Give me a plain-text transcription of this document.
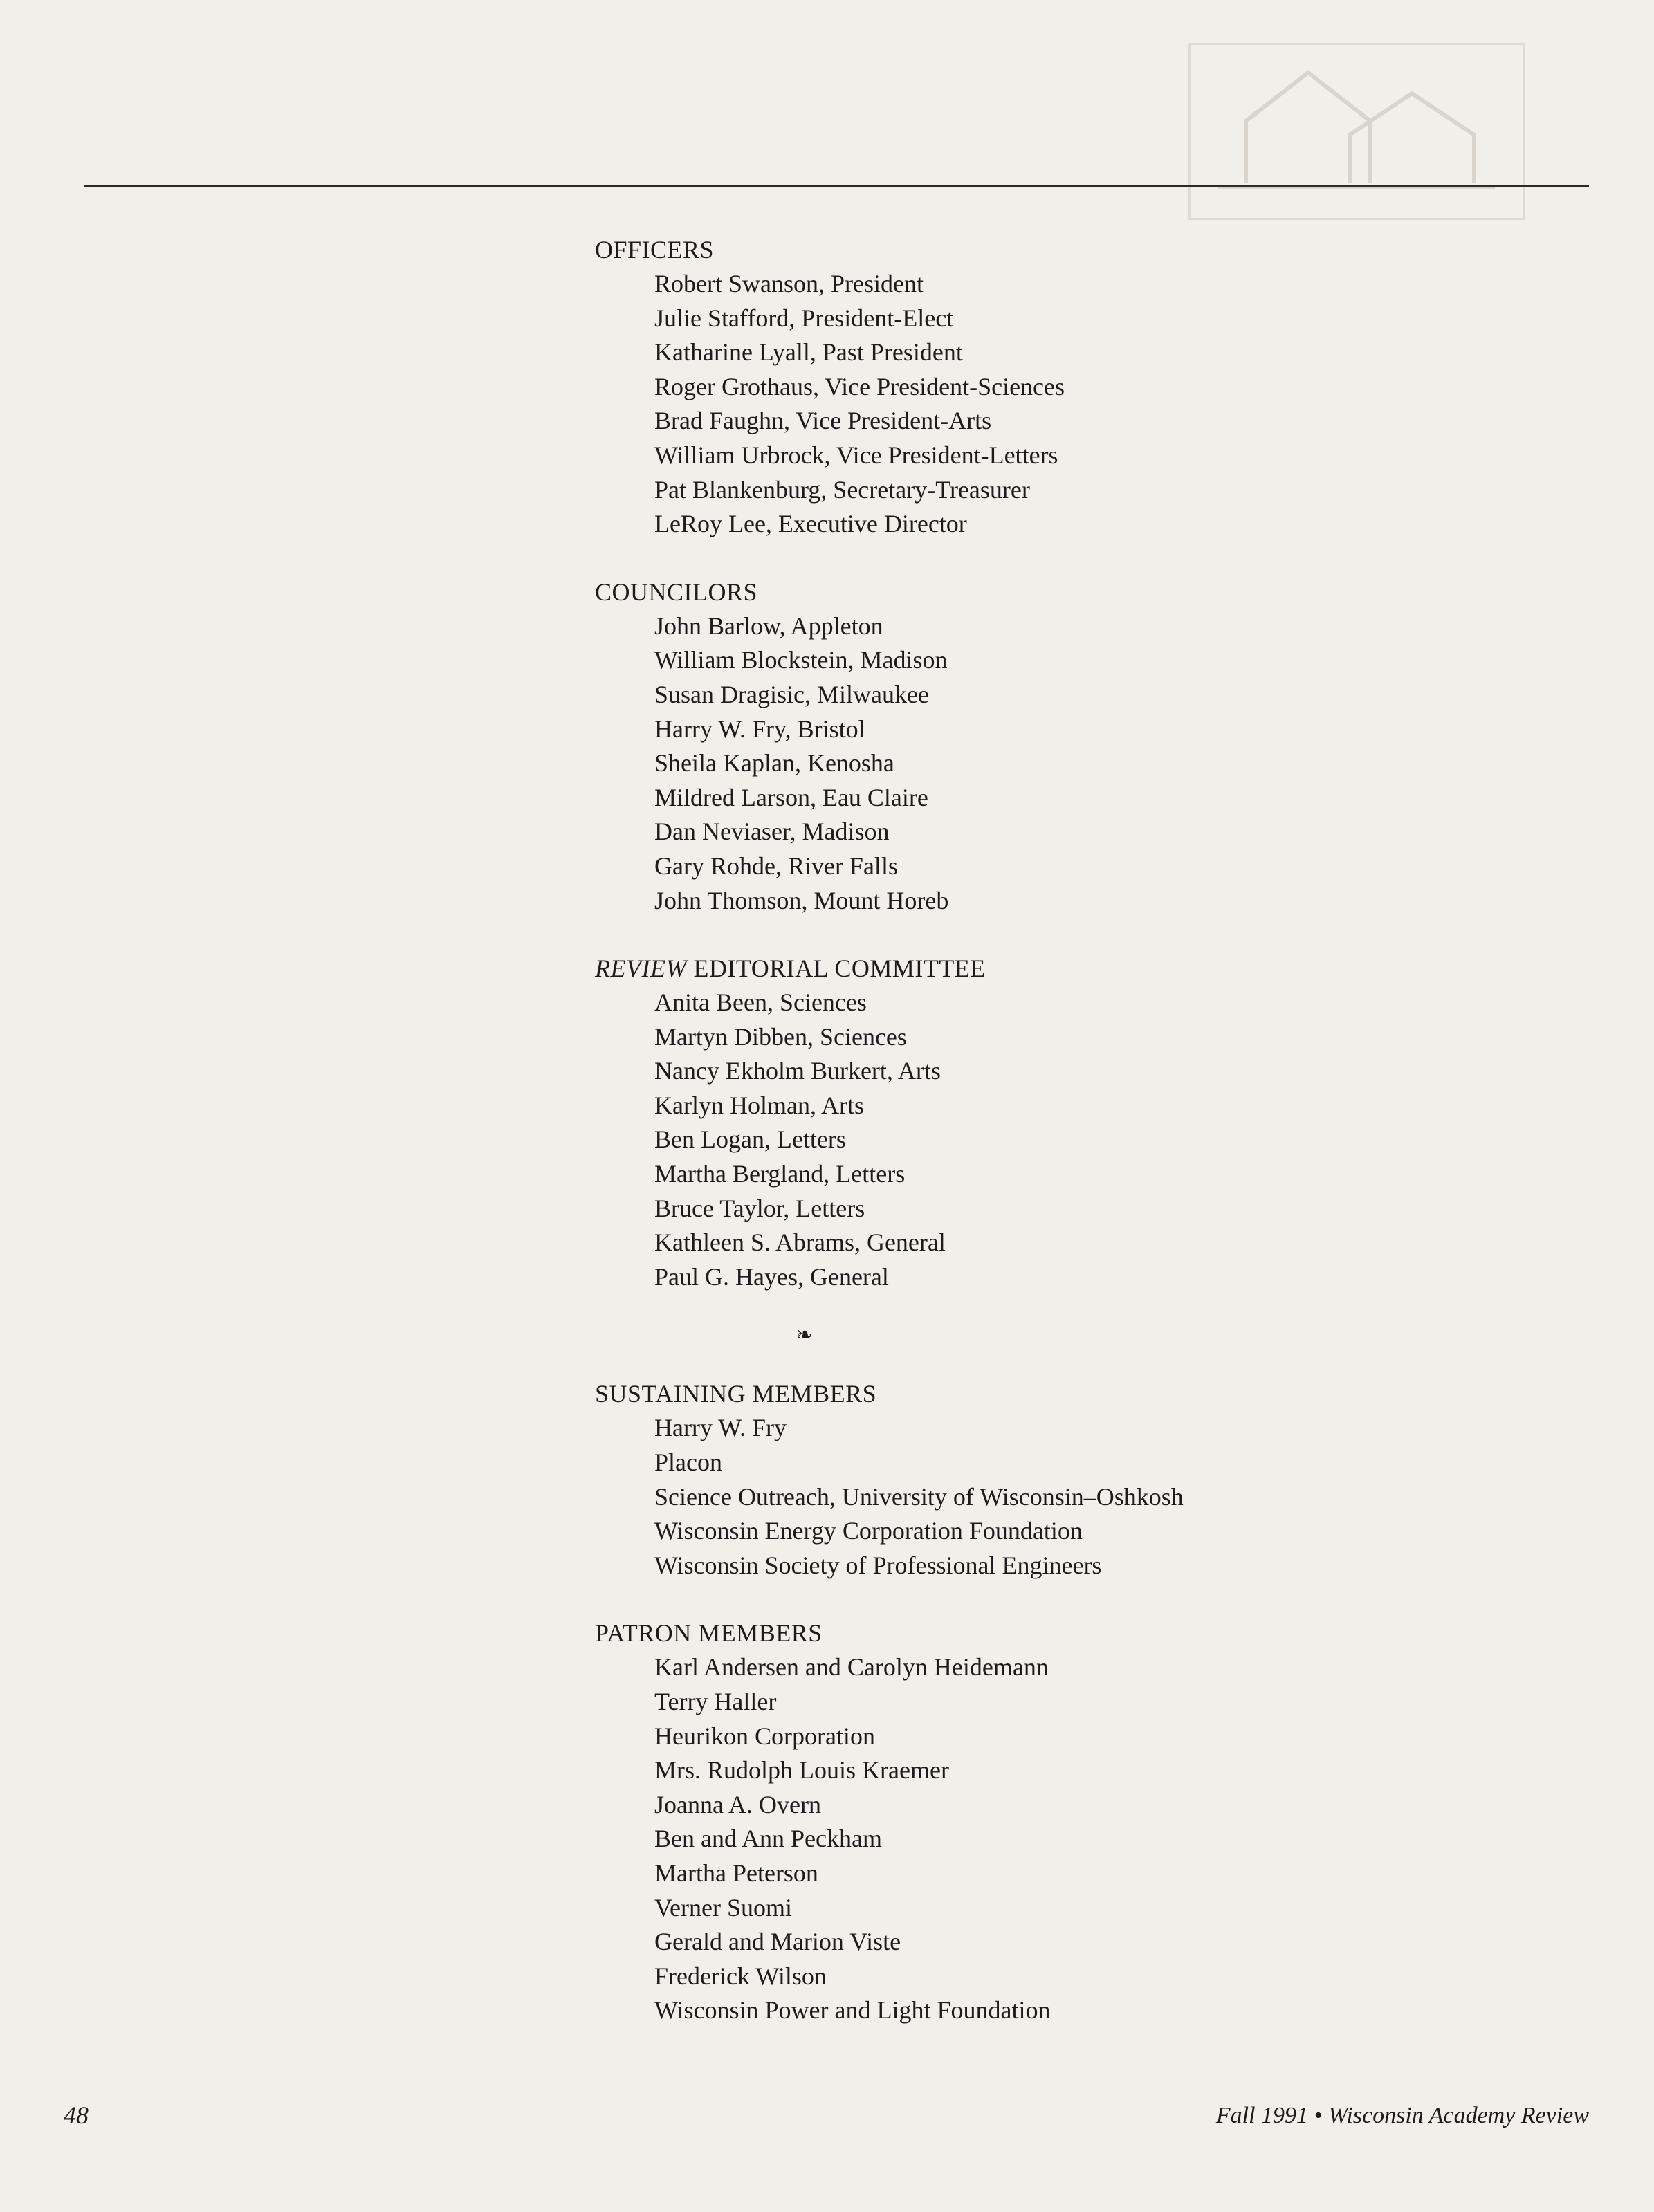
OFFICERS
Robert Swanson, President
Julie Stafford, President-Elect
Katharine Lyall, Past President
Roger Grothaus, Vice President-Sciences
Brad Faughn, Vice President-Arts
William Urbrock, Vice President-Letters
Pat Blankenburg, Secretary-Treasurer
LeRoy Lee, Executive Director
COUNCILORS
John Barlow, Appleton
William Blockstein, Madison
Susan Dragisic, Milwaukee
Harry W. Fry, Bristol
Sheila Kaplan, Kenosha
Mildred Larson, Eau Claire
Dan Neviaser, Madison
Gary Rohde, River Falls
John Thomson, Mount Horeb
REVIEW EDITORIAL COMMITTEE
Anita Been, Sciences
Martyn Dibben, Sciences
Nancy Ekholm Burkert, Arts
Karlyn Holman, Arts
Ben Logan, Letters
Martha Bergland, Letters
Bruce Taylor, Letters
Kathleen S. Abrams, General
Paul G. Hayes, General
❧
SUSTAINING MEMBERS
Harry W. Fry
Placon
Science Outreach, University of Wisconsin–Oshkosh
Wisconsin Energy Corporation Foundation
Wisconsin Society of Professional Engineers
PATRON MEMBERS
Karl Andersen and Carolyn Heidemann
Terry Haller
Heurikon Corporation
Mrs. Rudolph Louis Kraemer
Joanna A. Overn
Ben and Ann Peckham
Martha Peterson
Verner Suomi
Gerald and Marion Viste
Frederick Wilson
Wisconsin Power and Light Foundation
48	Fall 1991 • Wisconsin Academy Review
